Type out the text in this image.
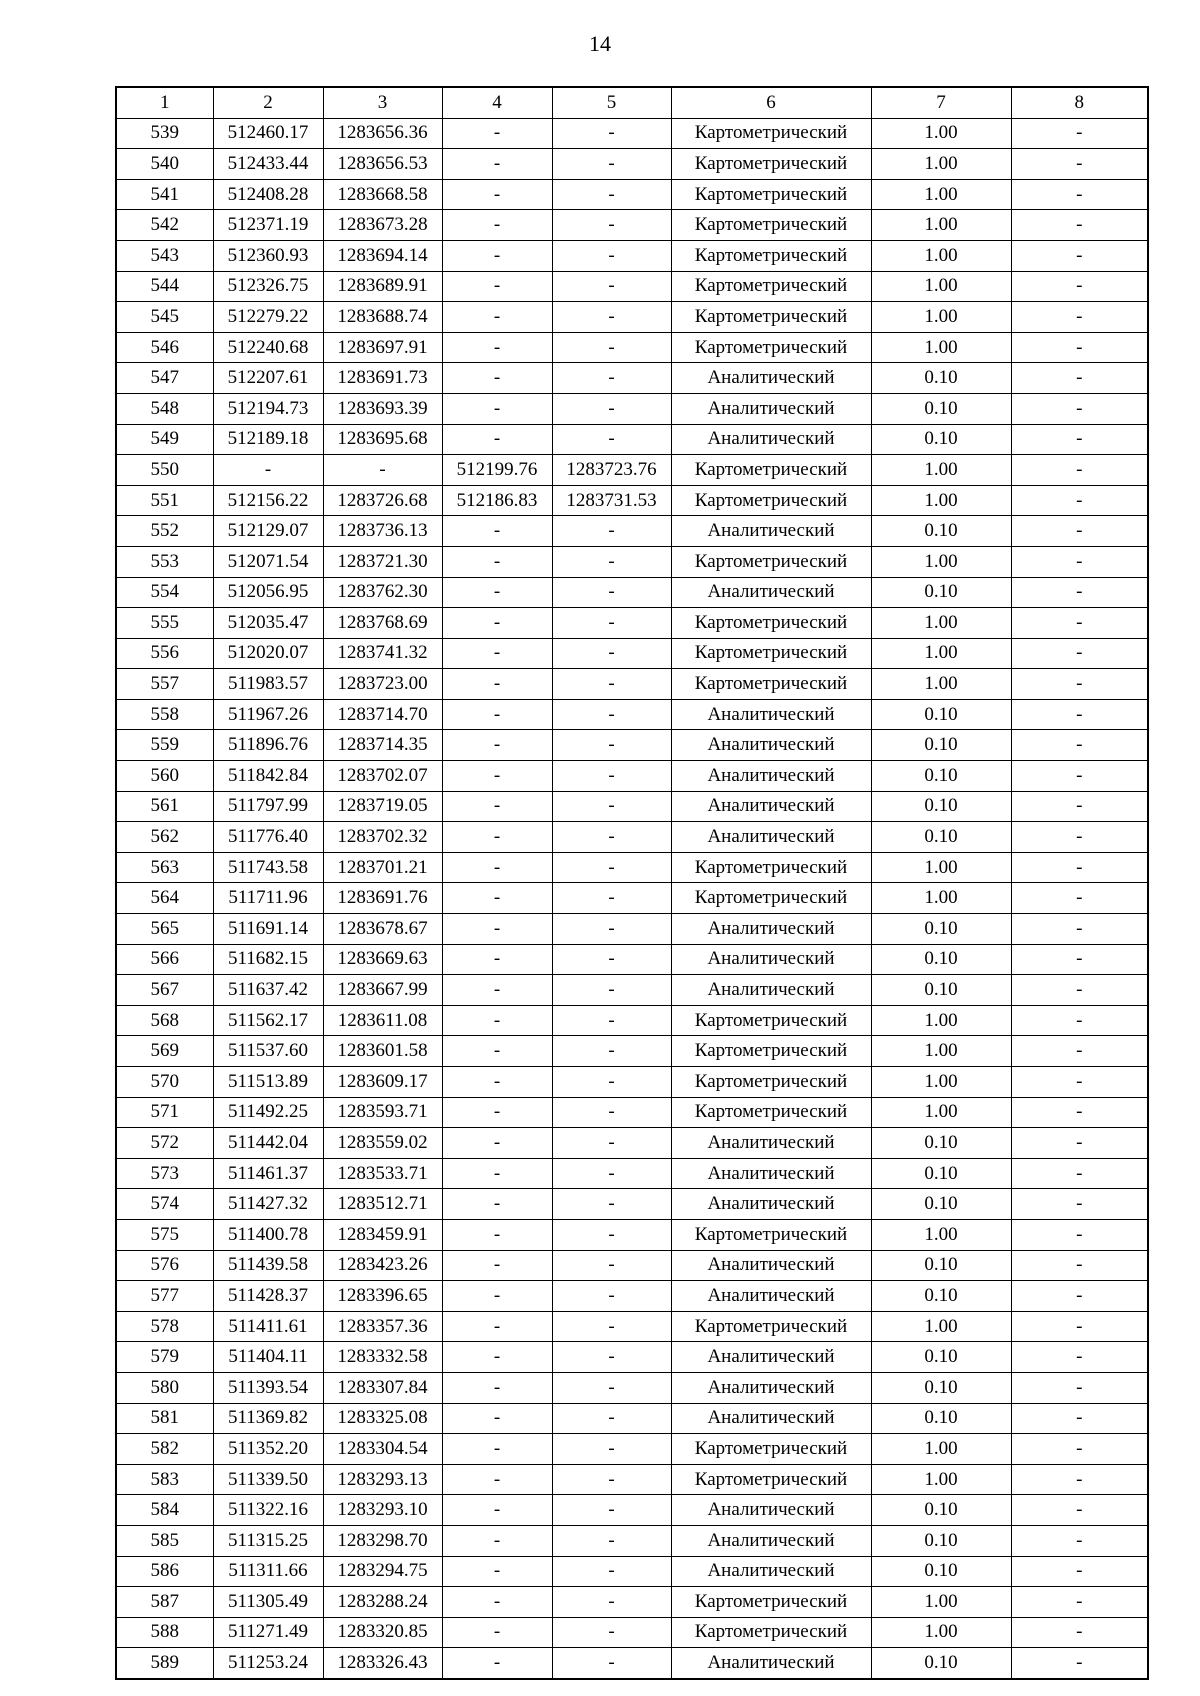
14
1	2	3	4	5	6	7	8
539	512460.17	1283656.36	-	-	Картометрический	1.00	-
540	512433.44	1283656.53	-	-	Картометрический	1.00	-
541	512408.28	1283668.58	-	-	Картометрический	1.00	-
542	512371.19	1283673.28	-	-	Картометрический	1.00	-
543	512360.93	1283694.14	-	-	Картометрический	1.00	-
544	512326.75	1283689.91	-	-	Картометрический	1.00	-
545	512279.22	1283688.74	-	-	Картометрический	1.00	-
546	512240.68	1283697.91	-	-	Картометрический	1.00	-
547	512207.61	1283691.73	-	-	Аналитический	0.10	-
548	512194.73	1283693.39	-	-	Аналитический	0.10	-
549	512189.18	1283695.68	-	-	Аналитический	0.10	-
550	-	-	512199.76	1283723.76	Картометрический	1.00	-
551	512156.22	1283726.68	512186.83	1283731.53	Картометрический	1.00	-
552	512129.07	1283736.13	-	-	Аналитический	0.10	-
553	512071.54	1283721.30	-	-	Картометрический	1.00	-
554	512056.95	1283762.30	-	-	Аналитический	0.10	-
555	512035.47	1283768.69	-	-	Картометрический	1.00	-
556	512020.07	1283741.32	-	-	Картометрический	1.00	-
557	511983.57	1283723.00	-	-	Картометрический	1.00	-
558	511967.26	1283714.70	-	-	Аналитический	0.10	-
559	511896.76	1283714.35	-	-	Аналитический	0.10	-
560	511842.84	1283702.07	-	-	Аналитический	0.10	-
561	511797.99	1283719.05	-	-	Аналитический	0.10	-
562	511776.40	1283702.32	-	-	Аналитический	0.10	-
563	511743.58	1283701.21	-	-	Картометрический	1.00	-
564	511711.96	1283691.76	-	-	Картометрический	1.00	-
565	511691.14	1283678.67	-	-	Аналитический	0.10	-
566	511682.15	1283669.63	-	-	Аналитический	0.10	-
567	511637.42	1283667.99	-	-	Аналитический	0.10	-
568	511562.17	1283611.08	-	-	Картометрический	1.00	-
569	511537.60	1283601.58	-	-	Картометрический	1.00	-
570	511513.89	1283609.17	-	-	Картометрический	1.00	-
571	511492.25	1283593.71	-	-	Картометрический	1.00	-
572	511442.04	1283559.02	-	-	Аналитический	0.10	-
573	511461.37	1283533.71	-	-	Аналитический	0.10	-
574	511427.32	1283512.71	-	-	Аналитический	0.10	-
575	511400.78	1283459.91	-	-	Картометрический	1.00	-
576	511439.58	1283423.26	-	-	Аналитический	0.10	-
577	511428.37	1283396.65	-	-	Аналитический	0.10	-
578	511411.61	1283357.36	-	-	Картометрический	1.00	-
579	511404.11	1283332.58	-	-	Аналитический	0.10	-
580	511393.54	1283307.84	-	-	Аналитический	0.10	-
581	511369.82	1283325.08	-	-	Аналитический	0.10	-
582	511352.20	1283304.54	-	-	Картометрический	1.00	-
583	511339.50	1283293.13	-	-	Картометрический	1.00	-
584	511322.16	1283293.10	-	-	Аналитический	0.10	-
585	511315.25	1283298.70	-	-	Аналитический	0.10	-
586	511311.66	1283294.75	-	-	Аналитический	0.10	-
587	511305.49	1283288.24	-	-	Картометрический	1.00	-
588	511271.49	1283320.85	-	-	Картометрический	1.00	-
589	511253.24	1283326.43	-	-	Аналитический	0.10	-
